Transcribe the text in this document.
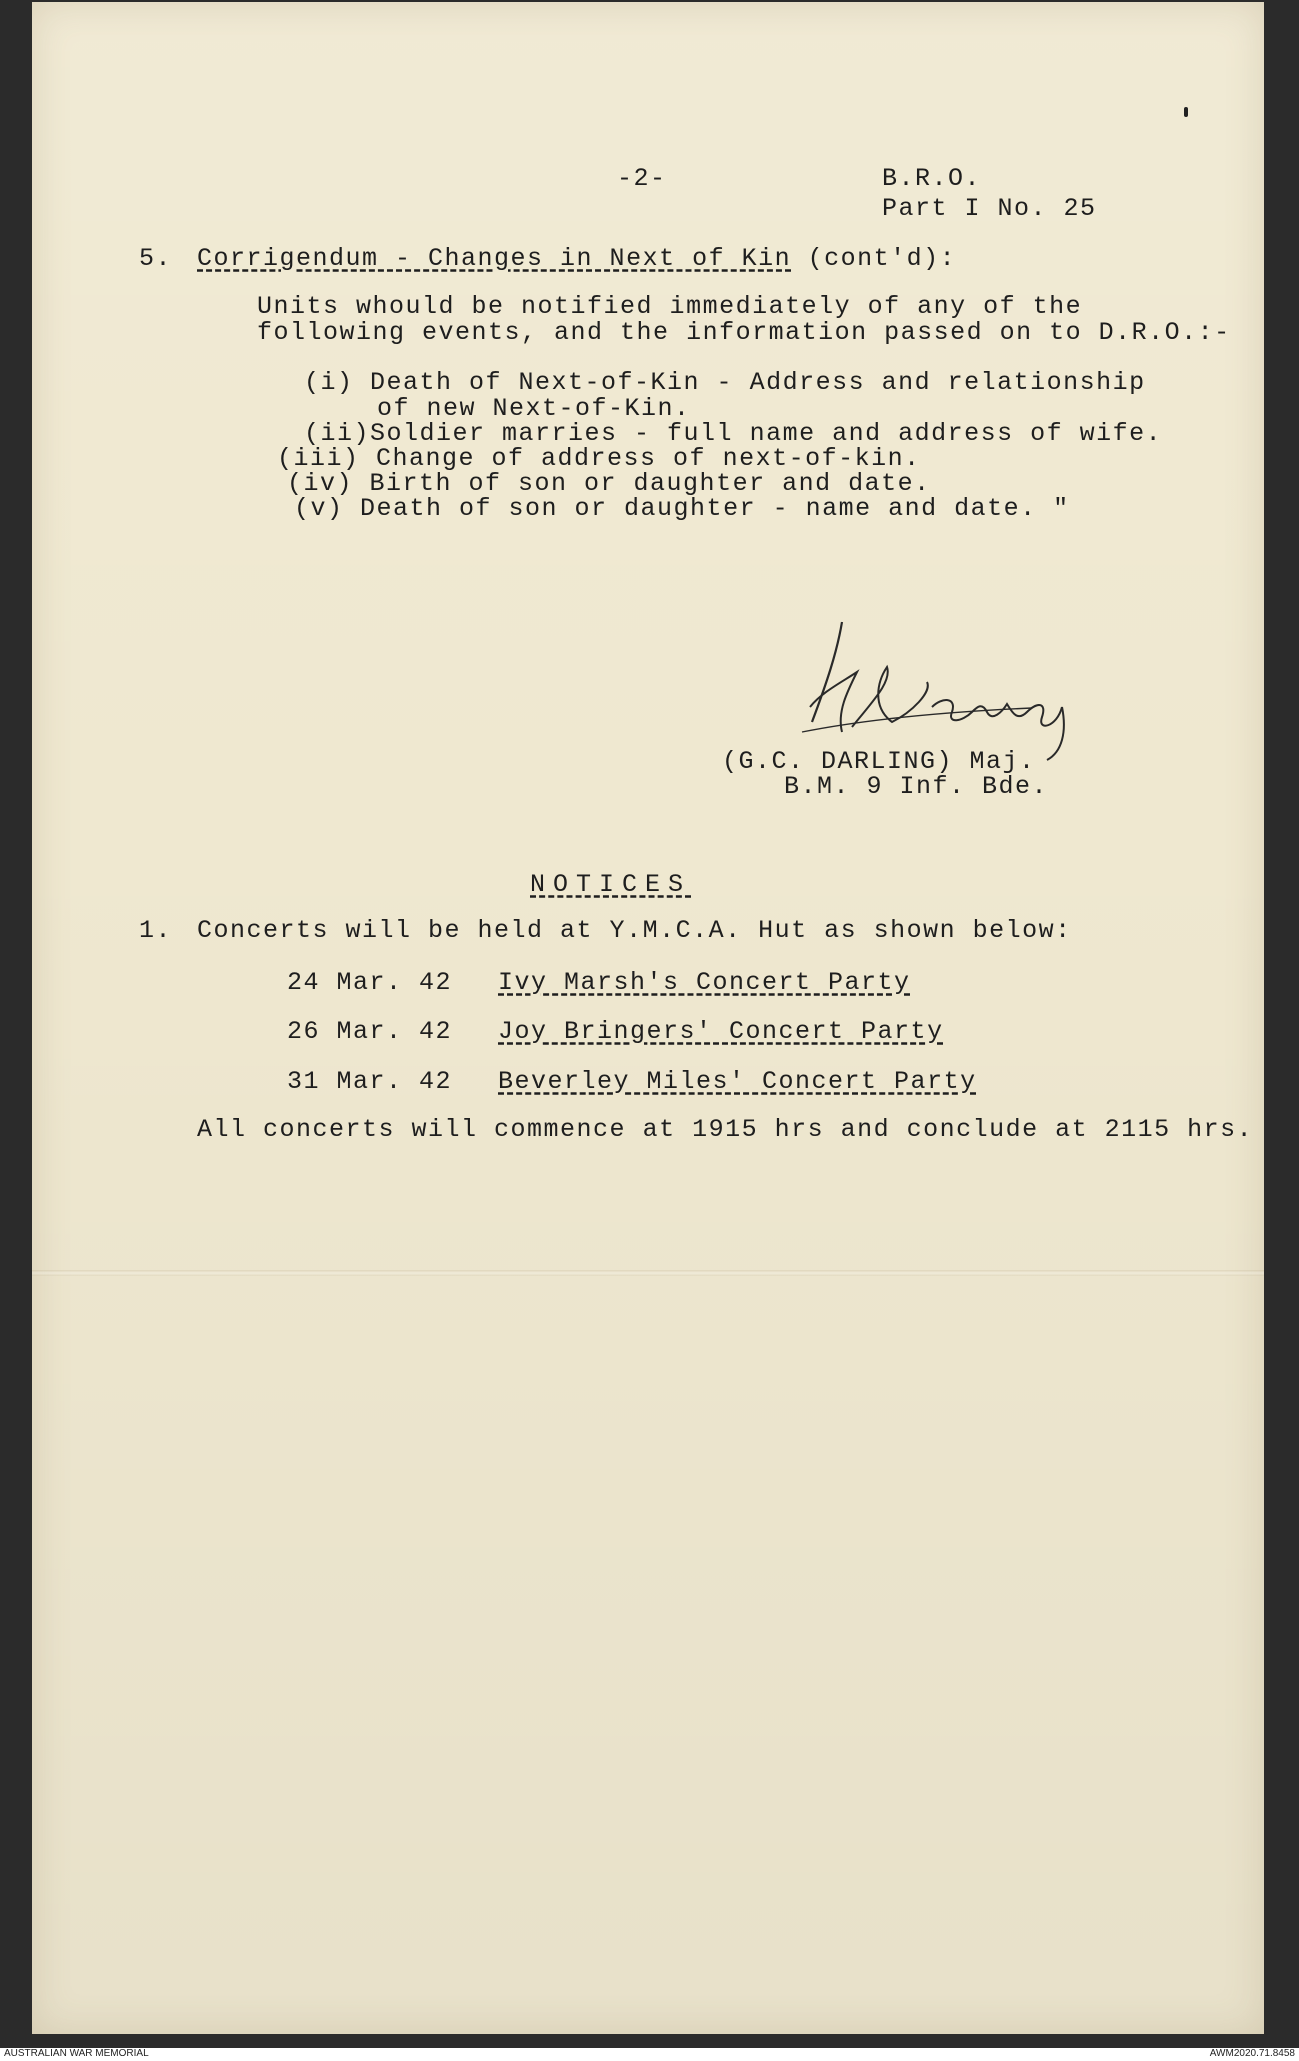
-2-	B.R.O.
Part I No. 25
5. Corrigendum - Changes in Next of Kin (cont'd):
Units whould be notified immediately of any of the
following events, and the information passed on to D.R.O.:-
(i) Death of Next-of-Kin - Address and relationship
of new Next-of-Kin.
(ii)Soldier marries - full name and address of wife.
(iii) Change of address of next-of-kin.
(iv) Birth of son or daughter and date.
(v) Death of son or daughter - name and date. "
(G.C. DARLING) Maj.
B.M. 9 Inf. Bde.
NOTICES
1. Concerts will be held at Y.M.C.A. Hut as shown below:
24 Mar. 42 Ivy Marsh's Concert Party
26 Mar. 42 Joy Bringers' Concert Party
31 Mar. 42 Beverley Miles' Concert Party
All concerts will commence at 1915 hrs and conclude at 2115 hrs.
AUSTRALIAN WAR MEMORIAL	AWM2020.71.8458
